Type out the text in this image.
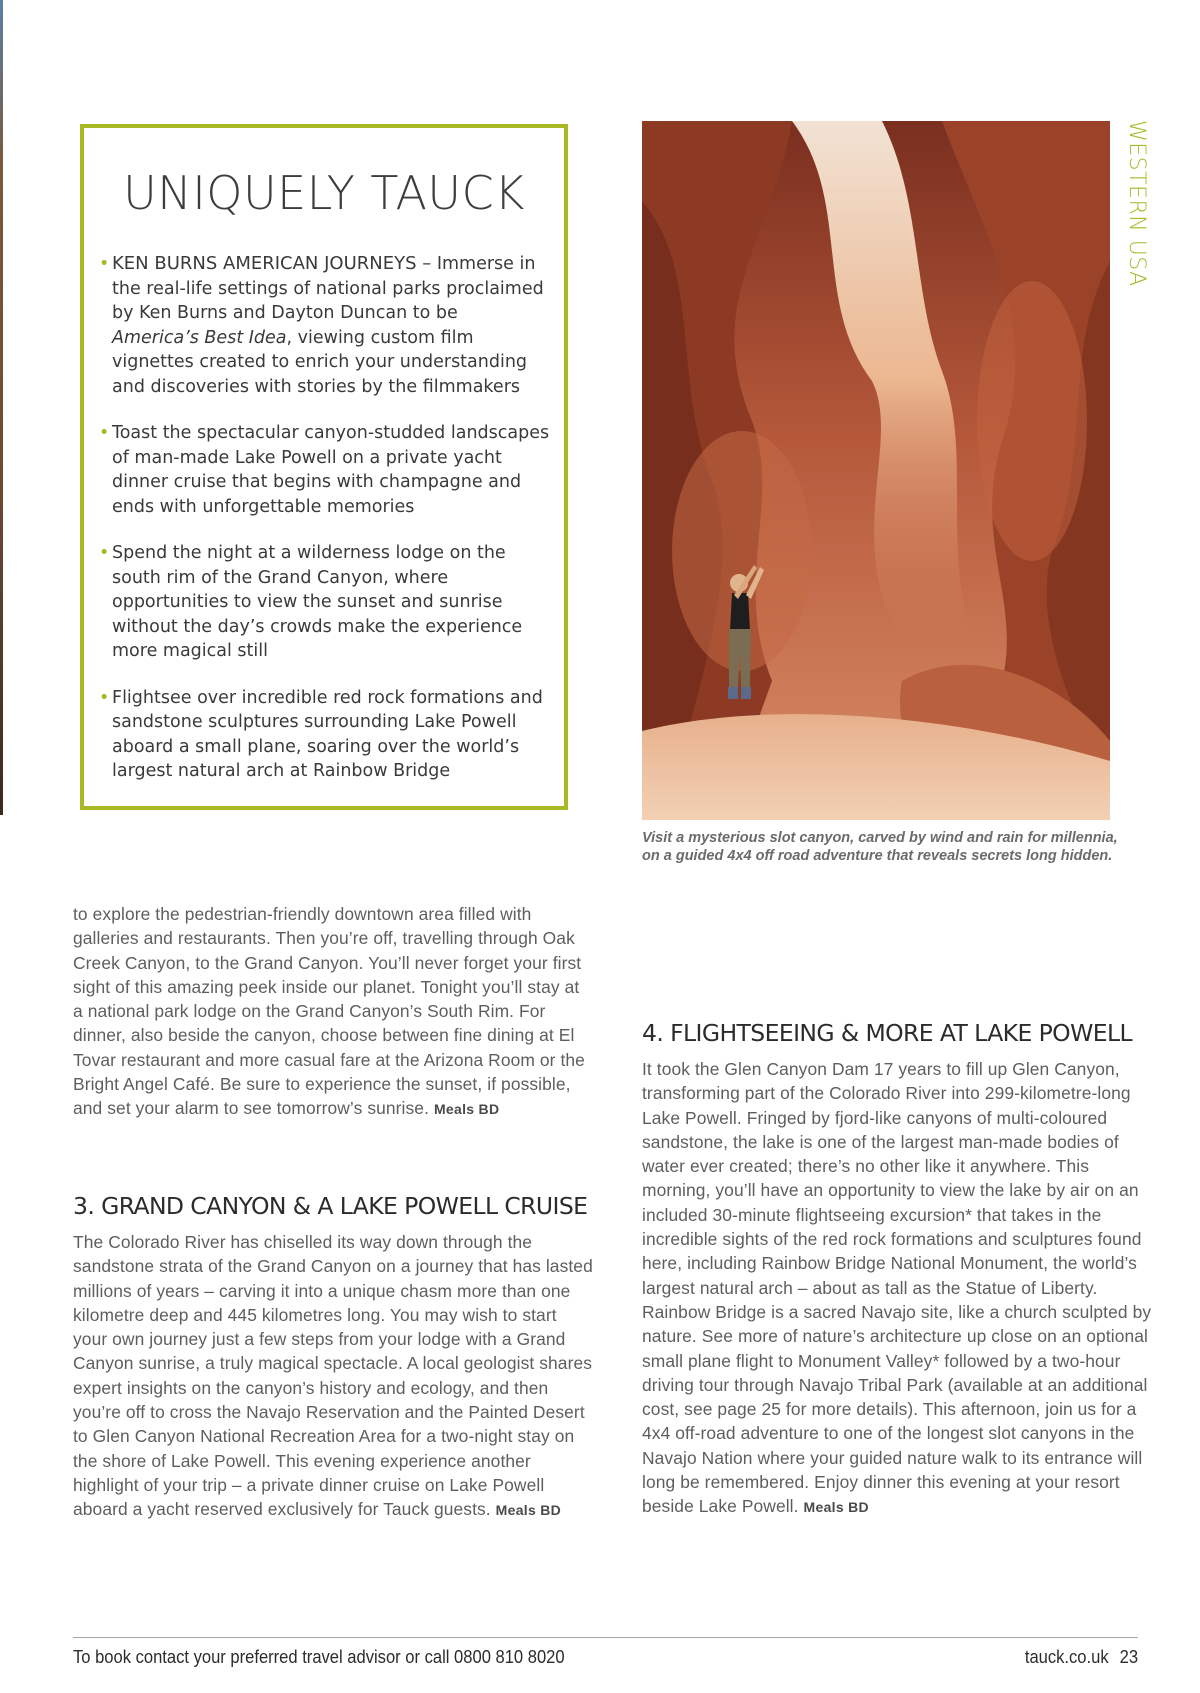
UNIQUELY TAUCK
• KEN BURNS AMERICAN JOURNEYS – Immerse in the real-life settings of national parks proclaimed by Ken Burns and Dayton Duncan to be America’s Best Idea, viewing custom film vignettes created to enrich your understanding and discoveries with stories by the filmmakers
• Toast the spectacular canyon-studded landscapes of man-made Lake Powell on a private yacht dinner cruise that begins with champagne and ends with unforgettable memories
• Spend the night at a wilderness lodge on the south rim of the Grand Canyon, where opportunities to view the sunset and sunrise without the day’s crowds make the experience more magical still
• Flightsee over incredible red rock formations and sandstone sculptures surrounding Lake Powell aboard a small plane, soaring over the world’s largest natural arch at Rainbow Bridge
WESTERN USA

Visit a mysterious slot canyon, carved by wind and rain for millennia, on a guided 4x4 off road adventure that reveals secrets long hidden.

to explore the pedestrian-friendly downtown area filled with galleries and restaurants. Then you’re off, travelling through Oak Creek Canyon, to the Grand Canyon. You’ll never forget your first sight of this amazing peek inside our planet. Tonight you’ll stay at a national park lodge on the Grand Canyon’s South Rim. For dinner, also beside the canyon, choose between fine dining at El Tovar restaurant and more casual fare at the Arizona Room or the Bright Angel Café. Be sure to experience the sunset, if possible, and set your alarm to see tomorrow’s sunrise. Meals BD

3. GRAND CANYON & A LAKE POWELL CRUISE

The Colorado River has chiselled its way down through the sandstone strata of the Grand Canyon on a journey that has lasted millions of years – carving it into a unique chasm more than one kilometre deep and 445 kilometres long. You may wish to start your own journey just a few steps from your lodge with a Grand Canyon sunrise, a truly magical spectacle. A local geologist shares expert insights on the canyon’s history and ecology, and then you’re off to cross the Navajo Reservation and the Painted Desert to Glen Canyon National Recreation Area for a two-night stay on the shore of Lake Powell. This evening experience another highlight of your trip – a private dinner cruise on Lake Powell aboard a yacht reserved exclusively for Tauck guests. Meals BD

4. FLIGHTSEEING & MORE AT LAKE POWELL

It took the Glen Canyon Dam 17 years to fill up Glen Canyon, transforming part of the Colorado River into 299-kilometre-long Lake Powell. Fringed by fjord-like canyons of multi-coloured sandstone, the lake is one of the largest man-made bodies of water ever created; there’s no other like it anywhere. This morning, you’ll have an opportunity to view the lake by air on an included 30-minute flightseeing excursion* that takes in the incredible sights of the red rock formations and sculptures found here, including Rainbow Bridge National Monument, the world’s largest natural arch – about as tall as the Statue of Liberty. Rainbow Bridge is a sacred Navajo site, like a church sculpted by nature. See more of nature’s architecture up close on an optional small plane flight to Monument Valley* followed by a two-hour driving tour through Navajo Tribal Park (available at an additional cost, see page 25 for more details). This afternoon, join us for a 4x4 off-road adventure to one of the longest slot canyons in the Navajo Nation where your guided nature walk to its entrance will long be remembered. Enjoy dinner this evening at your resort beside Lake Powell. Meals BD

To book contact your preferred travel advisor or call 0800 810 8020	tauck.co.uk 23
